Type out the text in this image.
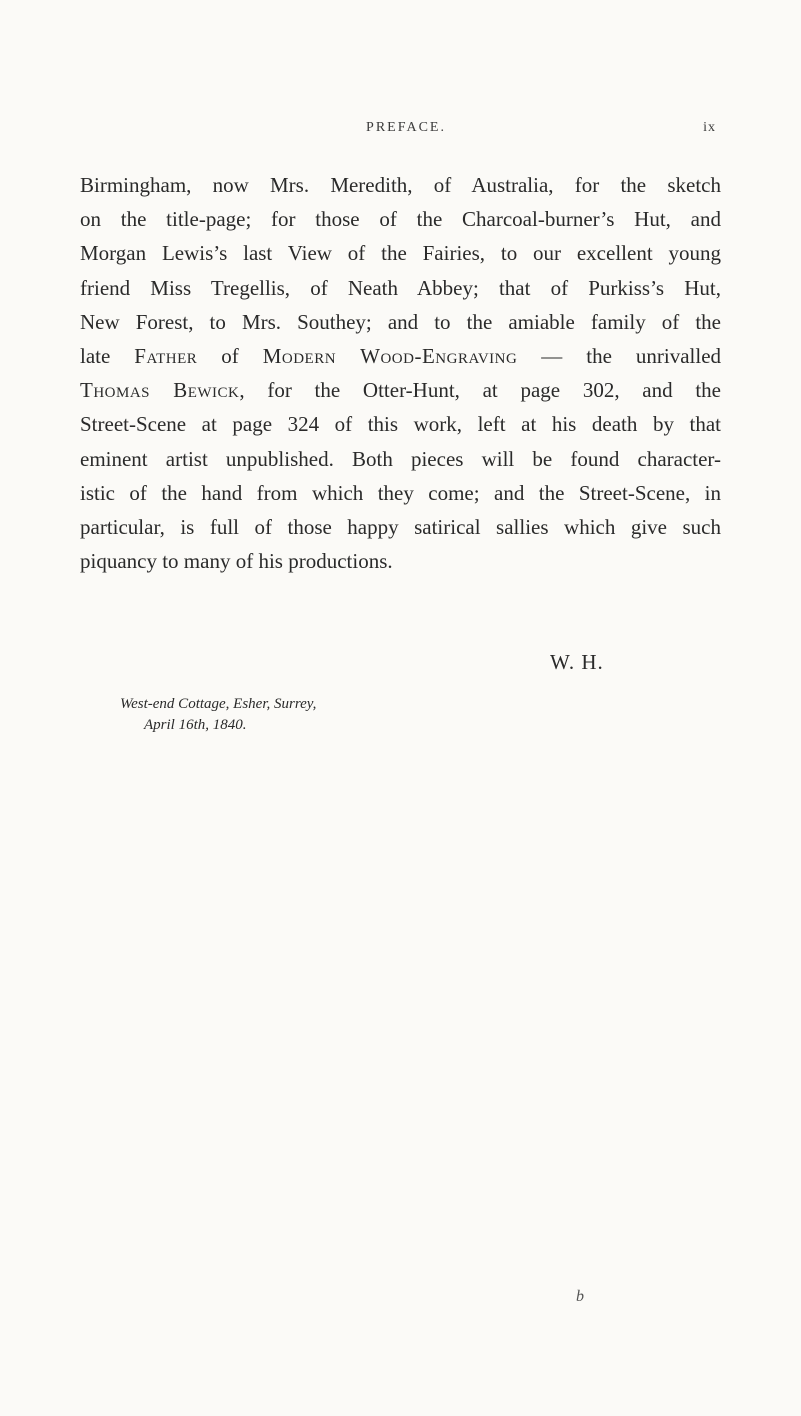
PREFACE.	ix
Birmingham, now Mrs. Meredith, of Australia, for the sketch
on the title-page; for those of the Charcoal-burner’s Hut, and
Morgan Lewis’s last View of the Fairies, to our excellent young
friend Miss Tregellis, of Neath Abbey; that of Purkiss’s Hut,
New Forest, to Mrs. Southey; and to the amiable family of the
late Father of Modern Wood-Engraving — the unrivalled
Thomas Bewick, for the Otter-Hunt, at page 302, and the
Street-Scene at page 324 of this work, left at his death by that
eminent artist unpublished. Both pieces will be found character-
istic of the hand from which they come; and the Street-Scene, in
particular, is full of those happy satirical sallies which give such
piquancy to many of his productions.
W. H.
West-end Cottage, Esher, Surrey,
April 16th, 1840.
b
